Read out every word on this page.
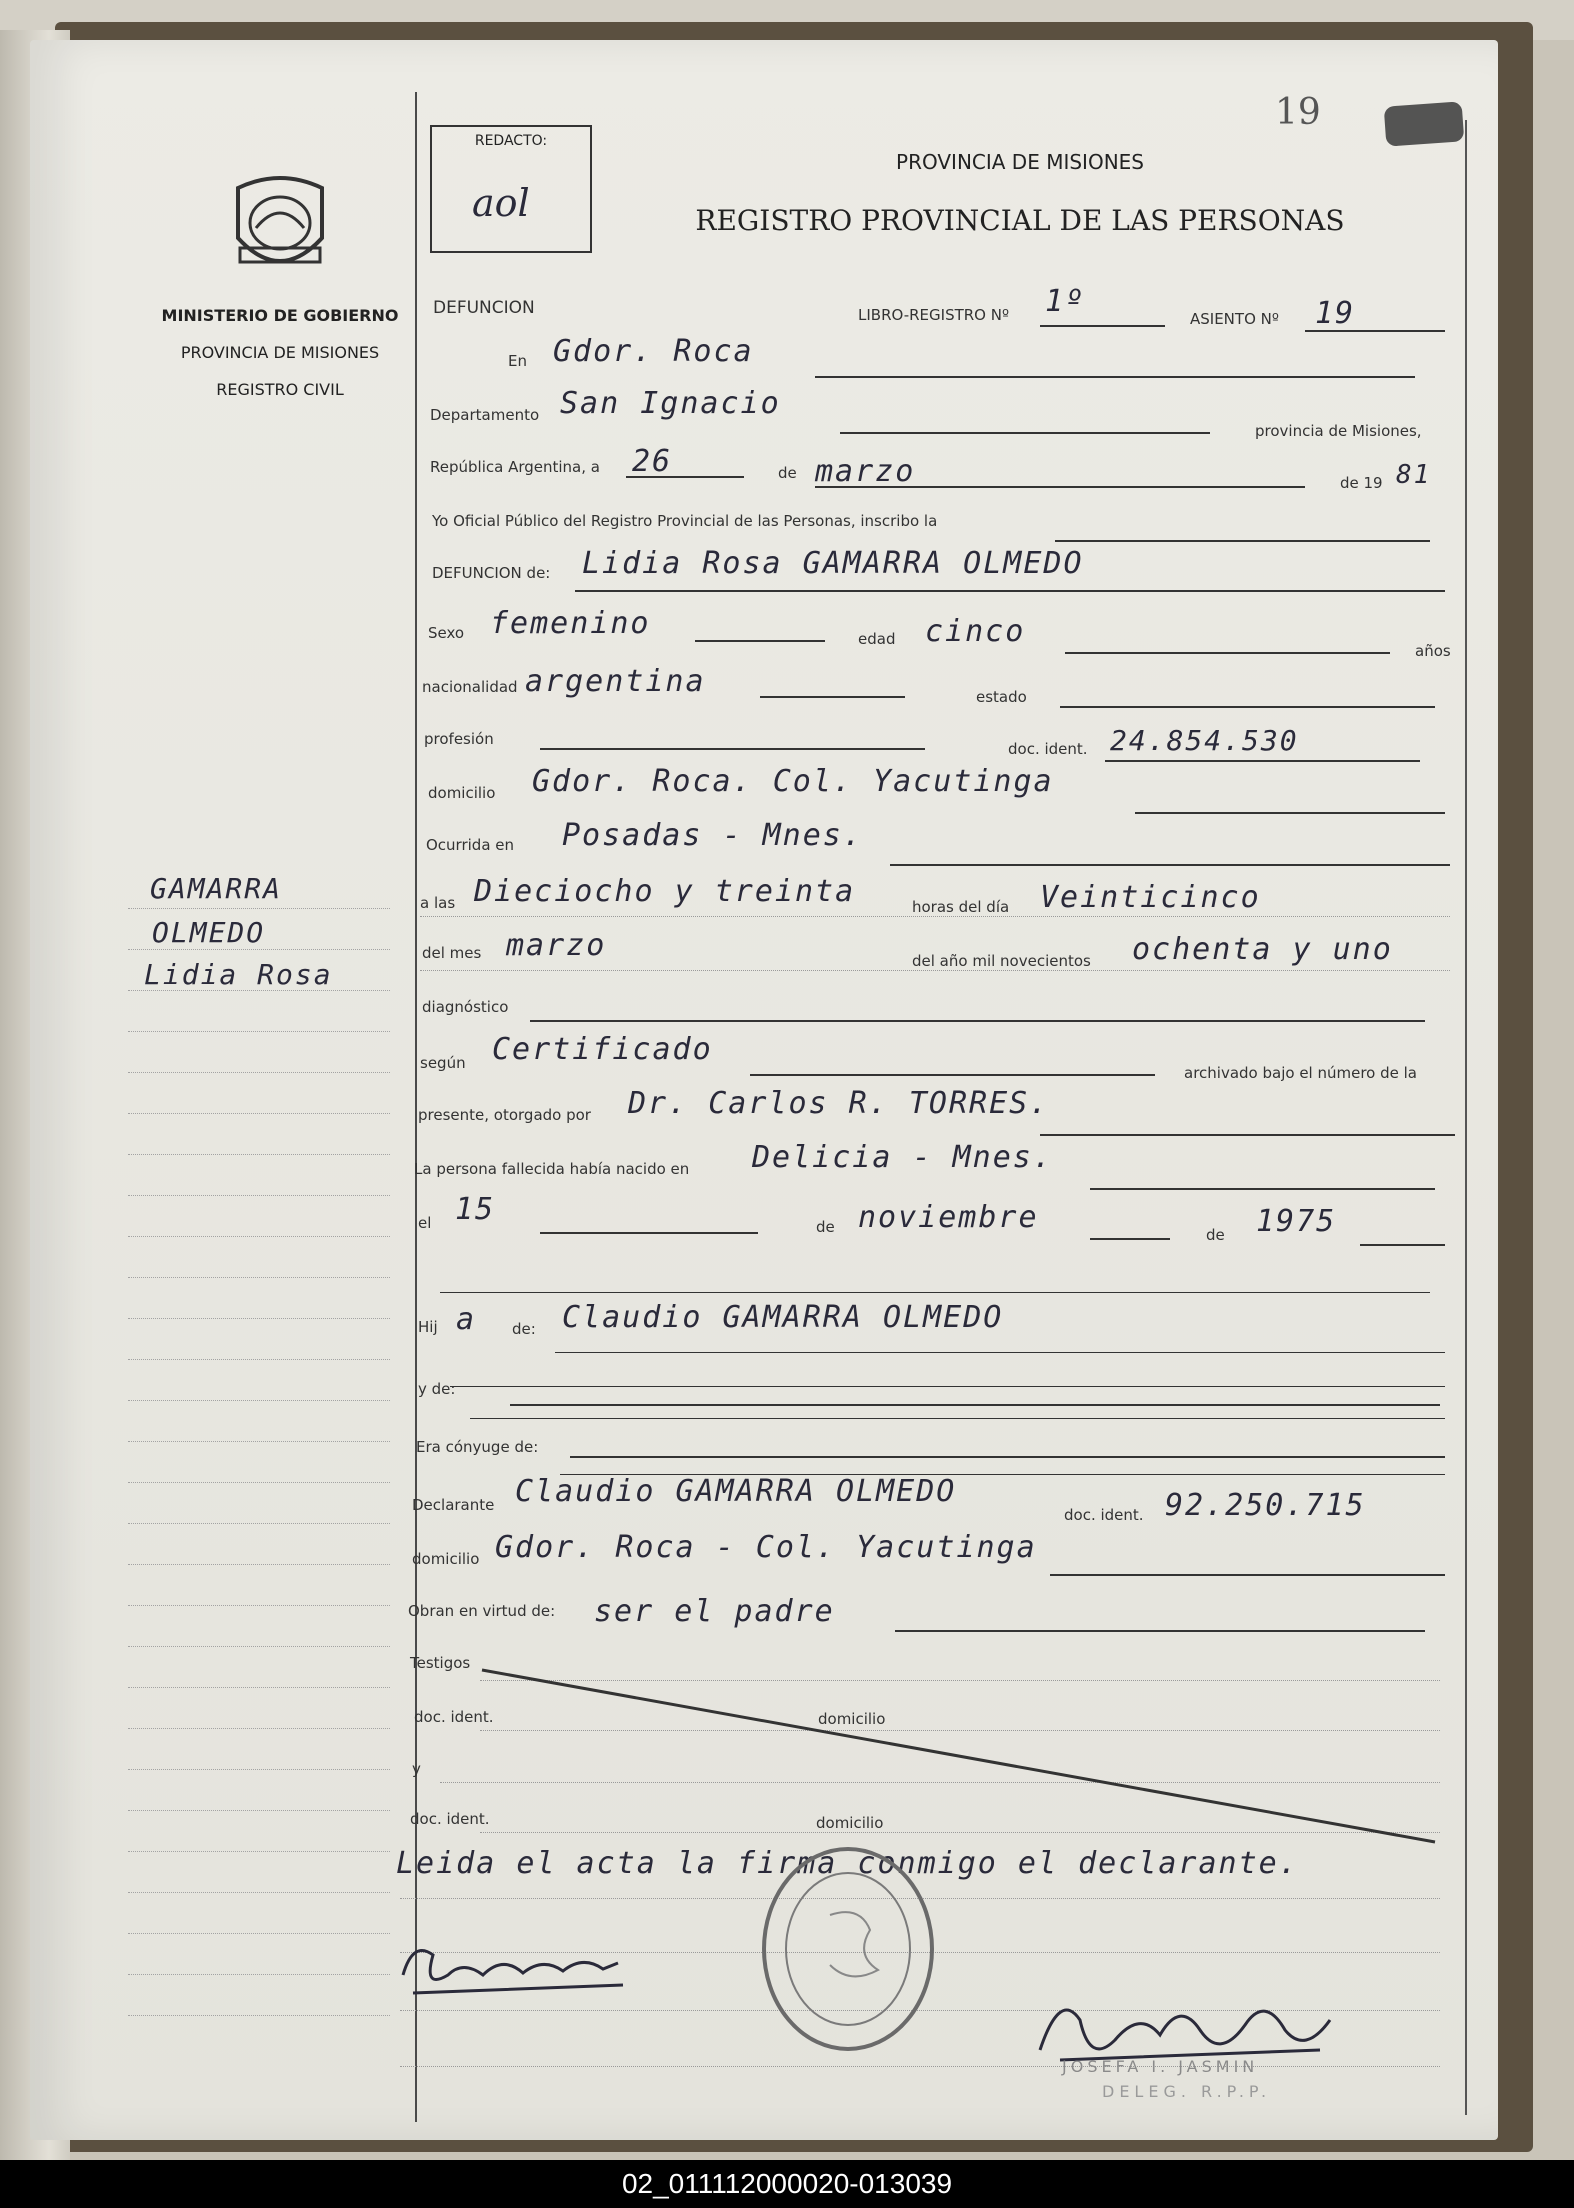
19
MINISTERIO DE GOBIERNO
PROVINCIA DE MISIONES
REGISTRO CIVIL
GAMARRA
OLMEDO
Lidia Rosa
REDACTO:
aol
PROVINCIA DE MISIONES
REGISTRO PROVINCIAL DE LAS PERSONAS
DEFUNCION	LIBRO-REGISTRO Nº 1º	ASIENTO Nº 19
En Gdor. Roca
Departamento San Ignacio
provincia de Misiones,
República Argentina, a 26	de marzo	de 19 81
Yo Oficial Público del Registro Provincial de las Personas, inscribo la
DEFUNCION de: Lidia Rosa GAMARRA OLMEDO
Sexo femenino	edad cinco
años
nacionalidad argentina	estado
profesión
doc. ident. 24.854.530
domicilio Gdor. Roca. Col. Yacutinga
Ocurrida en Posadas - Mnes.
a las Dieciocho y treinta	horas del día Veinticinco
del mes marzo	del año mil novecientos ochenta y uno
diagnóstico
según Certificado
archivado bajo el número de la
presente, otorgado por Dr. Carlos R. TORRES.
La persona fallecida había nacido en Delicia - Mnes.
el 15	de noviembre	de 1975
Hij a de: Claudio GAMARRA OLMEDO
y de:
Era cónyuge de:
Declarante Claudio GAMARRA OLMEDO
doc. ident. 92.250.715
domicilio Gdor. Roca - Col. Yacutinga
Obran en virtud de: ser el padre
Testigos
doc. ident.	domicilio
y
doc. ident.	domicilio
Leida el acta la firma conmigo el declarante.
JOSEFA I. JASMIN
DELEG. R.P.P.
02_011112000020-013039
